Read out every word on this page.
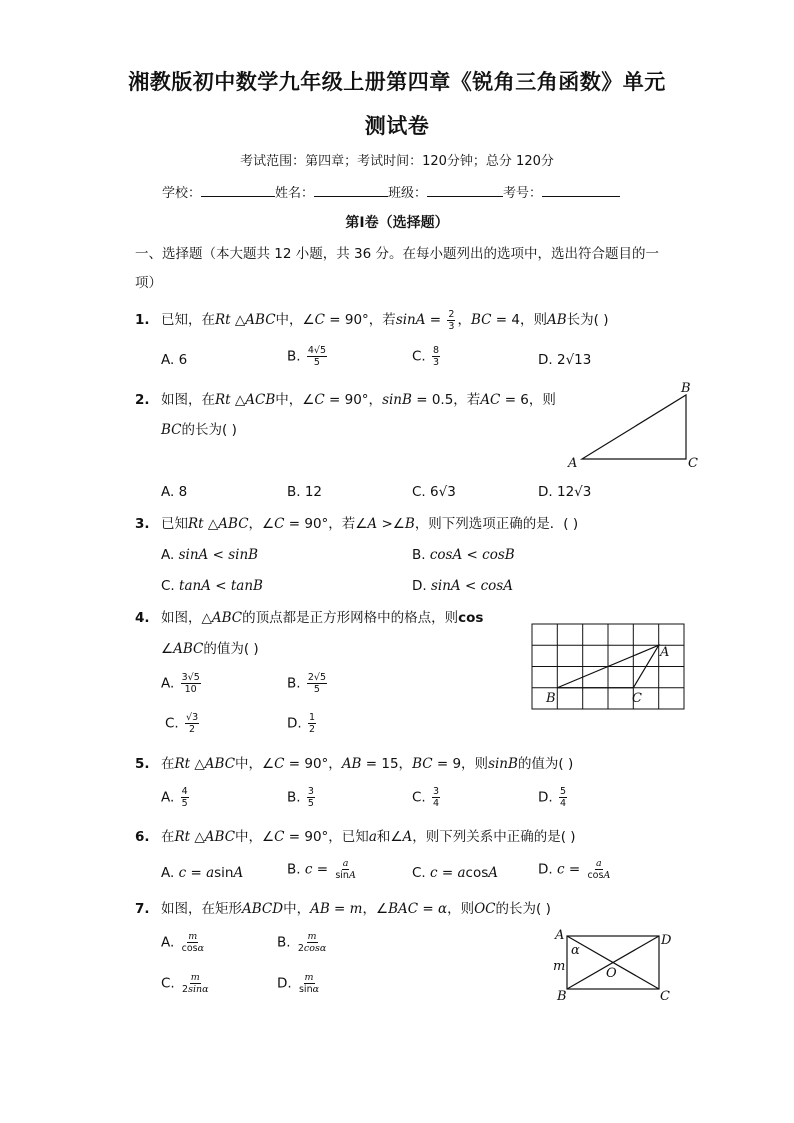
湘教版初中数学九年级上册第四章《锐角三角函数》单元
测试卷
考试范围：第四章；考试时间：120分钟；总分 120分
学校：	姓名：	班级：	考号：
第I卷（选择题）
一、选择题（本大题共 12 小题，共 36 分。在每小题列出的选项中，选出符合题目的一
项）
1. 已知，在Rt △ABC中，∠C = 90°，若$\sin A = \frac{2}{3}$ ，BC = 4，则AB长为( )
A. 6	B. $\frac{4√5}{5}$	C. $\frac{8}{3}$	D. 2√13
2. 如图，在Rt △ACB中，∠C = 90°，sinB = 0.5，若AC = 6，则
BC的长为( )
A
B
C
A. 8	B. 12	C. 6√3	D. 12√3
3. 已知Rt △ABC，∠C = 90°，若∠A >∠B，则下列选项正确的是．( )
A. sinA < sinB	B. cosA < cosB
C. tanA < tanB	D. sinA < cosA
4. 如图，△ABC的顶点都是正方形网格中的格点，则cos
∠ABC的值为( )	A
B	C
A. $\frac{3√5}{10}$	B. $\frac{2√5}{5}$
C. $\frac{√3}{2}$	D. $\frac{1}{2}$
5. 在Rt △ABC中，∠C = 90°，AB = 15，BC = 9，则sinB的值为( )
A. $\frac{4}{5}$	B. $\frac{3}{5}$	C. $\frac{3}{4}$	D. $\frac{5}{4}$
6. 在Rt △ABC中，∠C = 90°，已知a和∠A，则下列关系中正确的是( )
A. c = asinA	B. $c = \frac{a}{\sin A}$	C. c = acosA	D. $c = \frac{a}{\cos A}$
7. 如图，在矩形ABCD中，AB = m，∠BAC = α，则OC的长为( )
A	D
B	C
O
α
m
A. $\frac{m}{\cos\alpha}$	B. $\frac{m}{2\cos\alpha}$
C. $\frac{m}{2\sin\alpha}$	D. $\frac{m}{\sin\alpha}$
